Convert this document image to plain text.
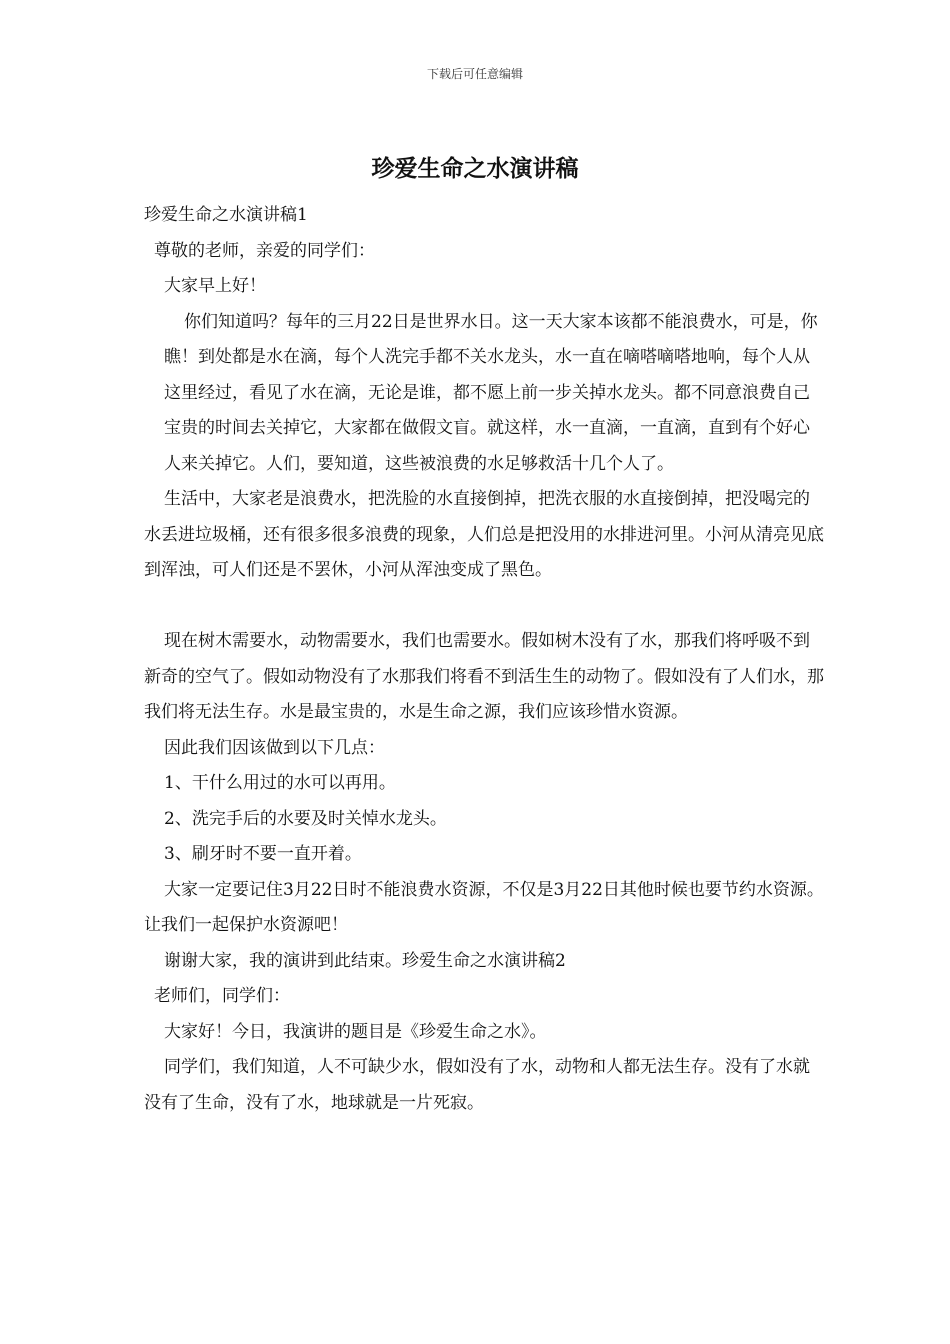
下载后可任意编辑
珍爱生命之水演讲稿

珍爱生命之水演讲稿1

尊敬的老师，亲爱的同学们：

大家早上好！

你们知道吗？每年的三月22日是世界水日。这一天大家本该都不能浪费水，可是，你瞧！到处都是水在滴，每个人洗完手都不关水龙头，水一直在嘀嗒嘀嗒地响，每个人从这里经过，看见了水在滴，无论是谁，都不愿上前一步关掉水龙头。都不同意浪费自己宝贵的时间去关掉它，大家都在做假文盲。就这样，水一直滴，一直滴，直到有个好心人来关掉它。人们，要知道，这些被浪费的水足够救活十几个人了。

生活中，大家老是浪费水，把洗脸的水直接倒掉，把洗衣服的水直接倒掉，把没喝完的水丢进垃圾桶，还有很多很多浪费的现象，人们总是把没用的水排进河里。小河从清亮见底到浑浊，可人们还是不罢休，小河从浑浊变成了黑色。

现在树木需要水，动物需要水，我们也需要水。假如树木没有了水，那我们将呼吸不到新奇的空气了。假如动物没有了水那我们将看不到活生生的动物了。假如没有了人们水，那我们将无法生存。水是最宝贵的，水是生命之源，我们应该珍惜水资源。

因此我们因该做到以下几点：

1、干什么用过的水可以再用。

2、洗完手后的水要及时关悼水龙头。

3、刷牙时不要一直开着。

大家一定要记住3月22日时不能浪费水资源，不仅是3月22日其他时候也要节约水资源。让我们一起保护水资源吧！

谢谢大家，我的演讲到此结束。珍爱生命之水演讲稿2

老师们，同学们：

大家好！今日，我演讲的题目是《珍爱生命之水》。

同学们，我们知道，人不可缺少水，假如没有了水，动物和人都无法生存。没有了水就没有了生命，没有了水，地球就是一片死寂。
